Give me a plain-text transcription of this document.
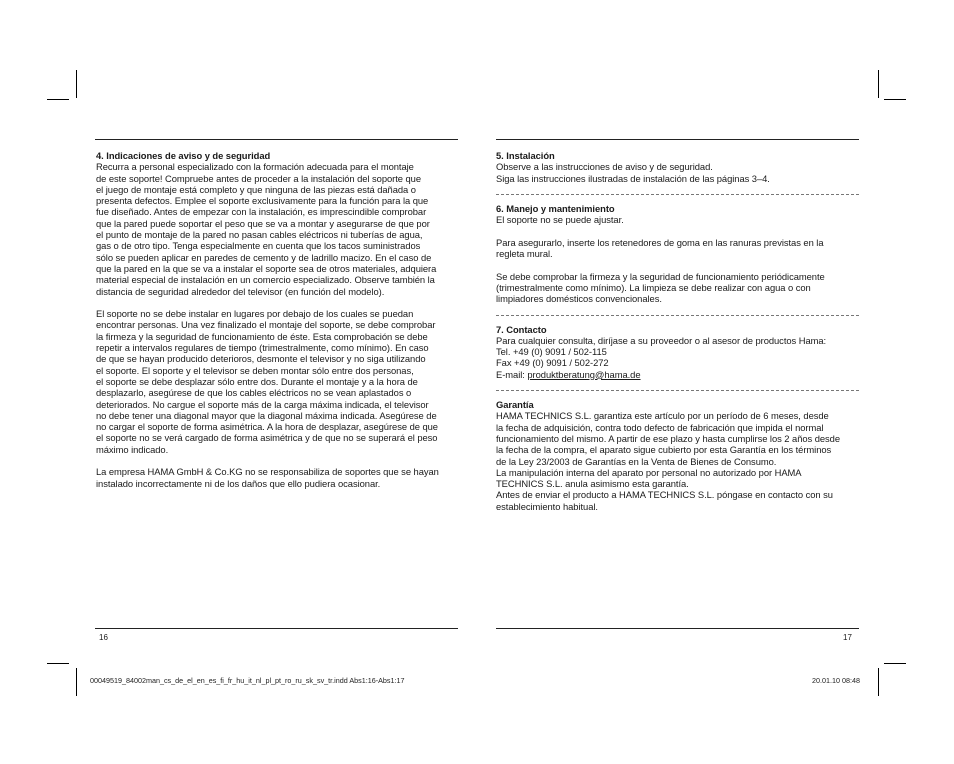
4. Indicaciones de aviso y de seguridad

Recurra a personal especializado con la formación adecuada para el montaje

de este soporte! Compruebe antes de proceder a la instalación del soporte que

el juego de montaje está completo y que ninguna de las piezas está dañada o

presenta defectos. Emplee el soporte exclusivamente para la función para la que

fue diseñado. Antes de empezar con la instalación, es imprescindible comprobar

que la pared puede soportar el peso que se va a montar y asegurarse de que por

el punto de montaje de la pared no pasan cables eléctricos ni tuberías de agua,

gas o de otro tipo. Tenga especialmente en cuenta que los tacos suministrados

sólo se pueden aplicar en paredes de cemento y de ladrillo macizo. En el caso de

que la pared en la que se va a instalar el soporte sea de otros materiales, adquiera

material especial de instalación en un comercio especializado. Observe también la

distancia de seguridad alrededor del televisor (en función del modelo).

El soporte no se debe instalar en lugares por debajo de los cuales se puedan

encontrar personas. Una vez finalizado el montaje del soporte, se debe comprobar

la firmeza y la seguridad de funcionamiento de éste. Esta comprobación se debe

repetir a intervalos regulares de tiempo (trimestralmente, como mínimo). En caso

de que se hayan producido deterioros, desmonte el televisor y no siga utilizando

el soporte. El soporte y el televisor se deben montar sólo entre dos personas,

el soporte se debe desplazar sólo entre dos. Durante el montaje y a la hora de

desplazarlo, asegúrese de que los cables eléctricos no se vean aplastados o

deteriorados. No cargue el soporte más de la carga máxima indicada, el televisor

no debe tener una diagonal mayor que la diagonal máxima indicada. Asegúrese de

no cargar el soporte de forma asimétrica. A la hora de desplazar, asegúrese de que

el soporte no se verá cargado de forma asimétrica y de que no se superará el peso

máximo indicado.

La empresa HAMA GmbH & Co.KG no se responsabiliza de soportes que se hayan

instalado incorrectamente ni de los daños que ello pudiera ocasionar.

16

5. Instalación

Observe a las instrucciones de aviso y de seguridad.

Siga las instrucciones ilustradas de instalación de las páginas 3–4.

6. Manejo y mantenimiento

El soporte no se puede ajustar.

Para asegurarlo, inserte los retenedores de goma en las ranuras previstas en la

regleta mural.

Se debe comprobar la firmeza y la seguridad de funcionamiento periódicamente

(trimestralmente como mínimo). La limpieza se debe realizar con agua o con

limpiadores domésticos convencionales.

7. Contacto

Para cualquier consulta, diríjase a su proveedor o al asesor de productos Hama:

Tel. +49 (0) 9091 / 502-115

Fax +49 (0) 9091 / 502-272

E-mail: produktberatung@hama.de

Garantía

HAMA TECHNICS S.L. garantiza este artículo por un período de 6 meses, desde

la fecha de adquisición, contra todo defecto de fabricación que impida el normal

funcionamiento del mismo. A partir de ese plazo y hasta cumplirse los 2 años desde

la fecha de la compra, el aparato sigue cubierto por esta Garantía en los términos

de la Ley 23/2003 de Garantías en la Venta de Bienes de Consumo.

La manipulación interna del aparato por personal no autorizado por HAMA

TECHNICS S.L. anula asimismo esta garantía.

Antes de enviar el producto a HAMA TECHNICS S.L. póngase en contacto con su

establecimiento habitual.

17
00049519_84002man_cs_de_el_en_es_fi_fr_hu_it_nl_pl_pt_ro_ru_sk_sv_tr.indd Abs1:16-Abs1:17	20.01.10 08:48
